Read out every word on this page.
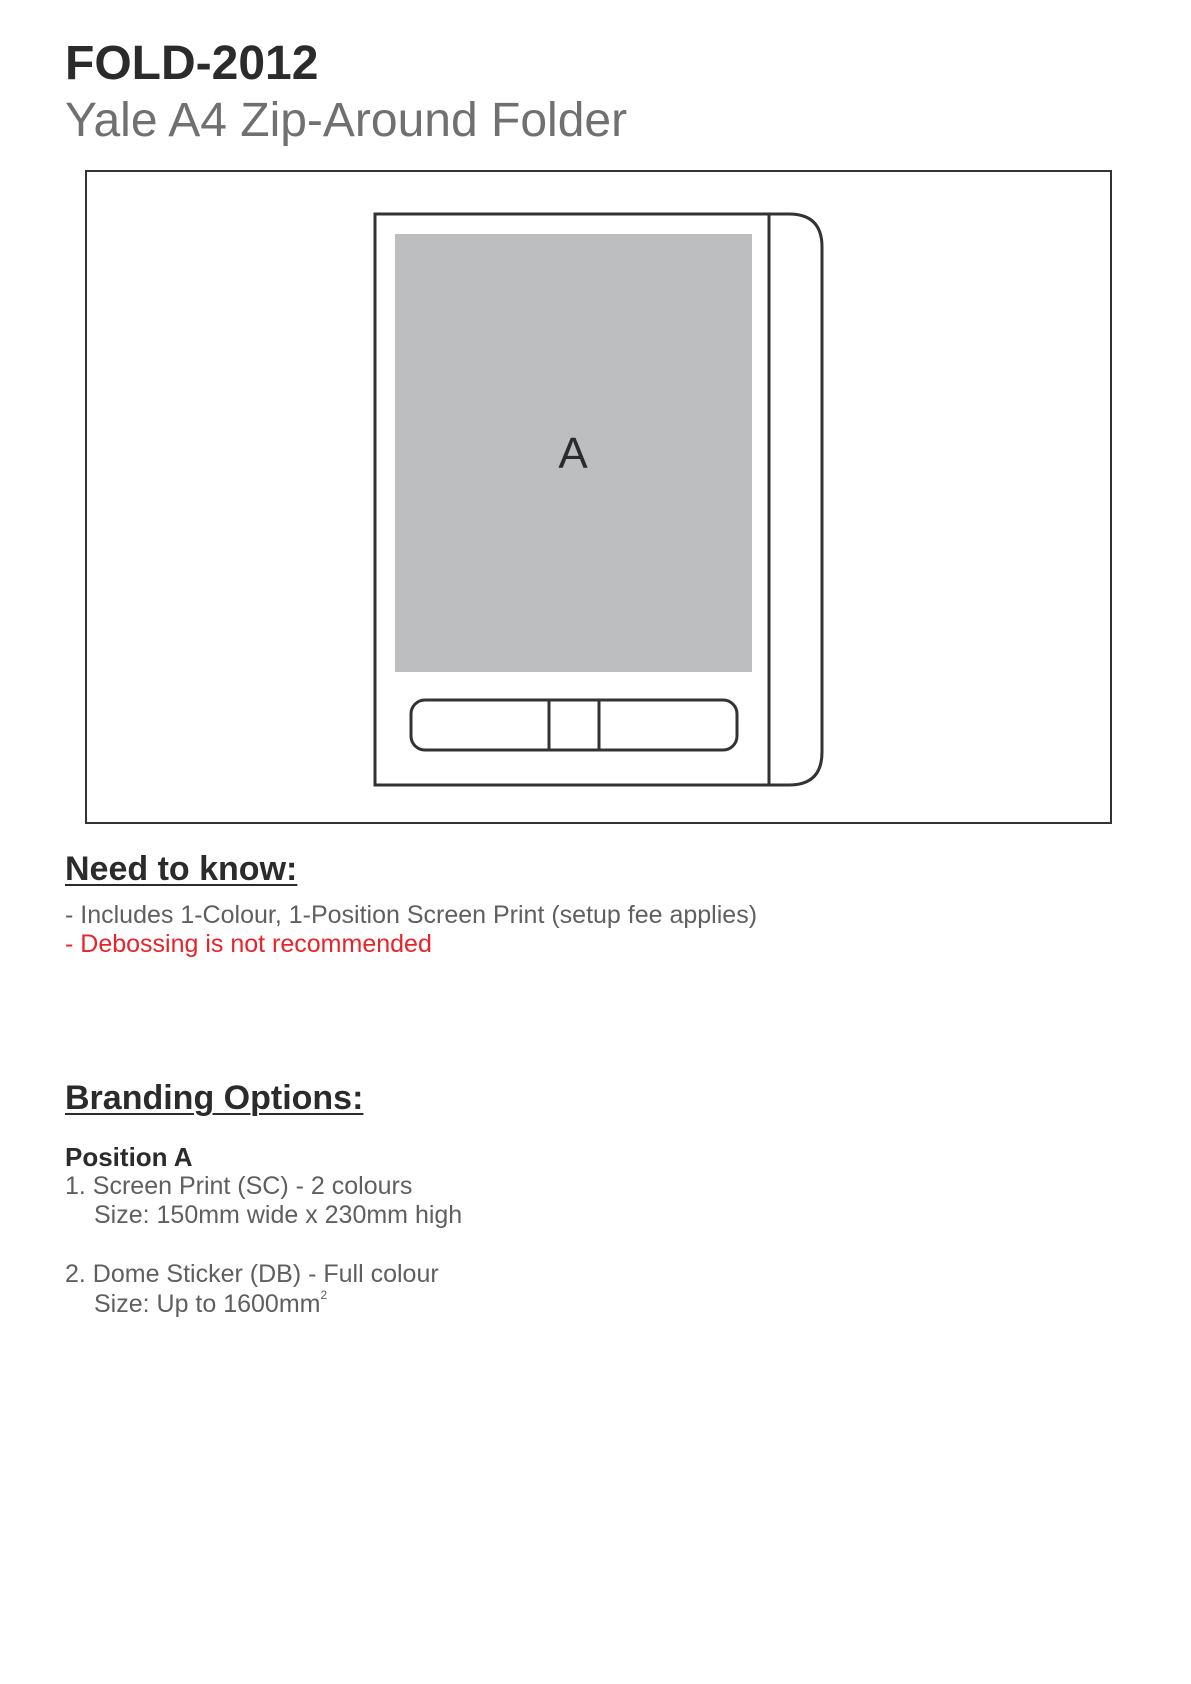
FOLD-2012
Yale A4 Zip-Around Folder
A
Need to know:
- Includes 1-Colour, 1-Position Screen Print (setup fee applies)
- Debossing is not recommended
Branding Options:
Position A
1. Screen Print (SC) - 2 colours
Size: 150mm wide x 230mm high
2. Dome Sticker (DB) - Full colour
Size: Up to $1600mm^2$
